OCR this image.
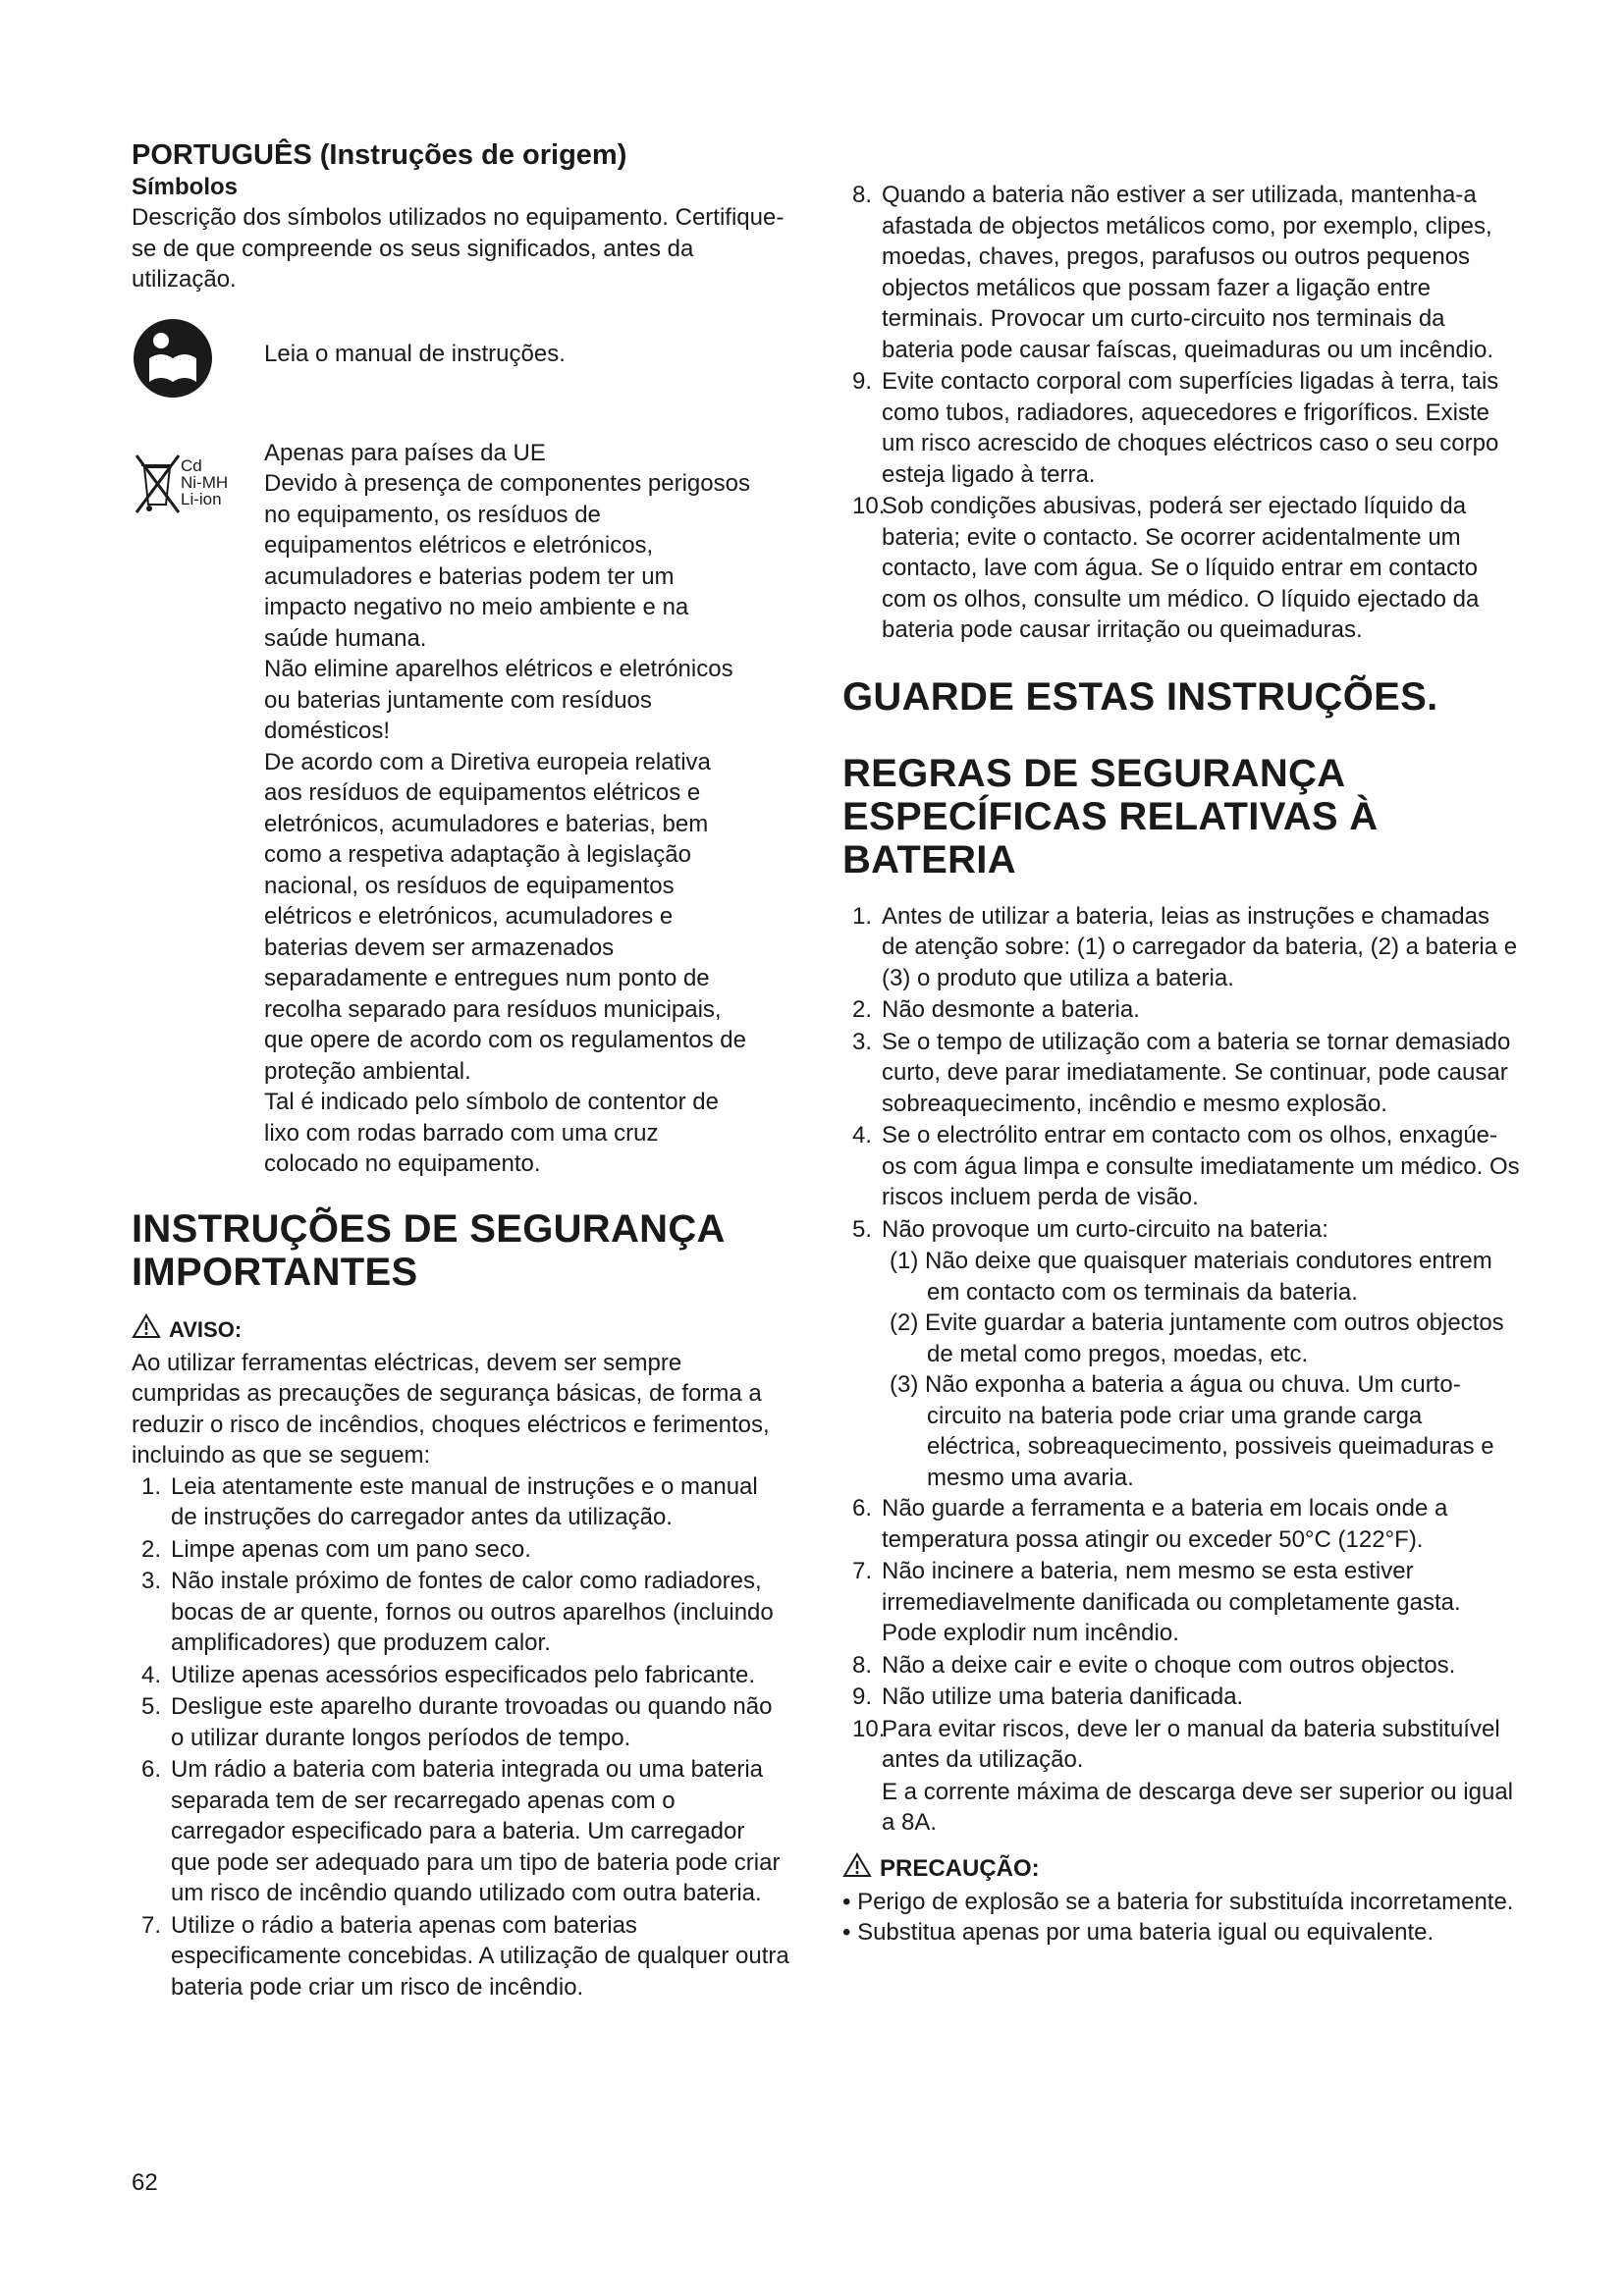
PORTUGUÊS (Instruções de origem)
Símbolos

Descrição dos símbolos utilizados no equipamento. Certifique-se de que compreende os seus significados, antes da utilização.

Leia o manual de instruções.

Cd
Ni-MH
Li-ion

Apenas para países da UE

Devido à presença de componentes perigosos no equipamento, os resíduos de equipamentos elétricos e eletrónicos, acumuladores e baterias podem ter um impacto negativo no meio ambiente e na saúde humana.

Não elimine aparelhos elétricos e eletrónicos ou baterias juntamente com resíduos domésticos!

De acordo com a Diretiva europeia relativa aos resíduos de equipamentos elétricos e eletrónicos, acumuladores e baterias, bem como a respetiva adaptação à legislação nacional, os resíduos de equipamentos elétricos e eletrónicos, acumuladores e baterias devem ser armazenados separadamente e entregues num ponto de recolha separado para resíduos municipais, que opere de acordo com os regulamentos de proteção ambiental.

Tal é indicado pelo símbolo de contentor de lixo com rodas barrado com uma cruz colocado no equipamento.

INSTRUÇÕES DE SEGURANÇA IMPORTANTES
AVISO:

Ao utilizar ferramentas eléctricas, devem ser sempre cumpridas as precauções de segurança básicas, de forma a reduzir o risco de incêndios, choques eléctricos e ferimentos, incluindo as que se seguem:

1. Leia atentamente este manual de instruções e o manual de instruções do carregador antes da utilização.
2. Limpe apenas com um pano seco.
3. Não instale próximo de fontes de calor como radiadores, bocas de ar quente, fornos ou outros aparelhos (incluindo amplificadores) que produzem calor.
4. Utilize apenas acessórios especificados pelo fabricante.
5. Desligue este aparelho durante trovoadas ou quando não o utilizar durante longos períodos de tempo.
6. Um rádio a bateria com bateria integrada ou uma bateria separada tem de ser recarregado apenas com o carregador especificado para a bateria. Um carregador que pode ser adequado para um tipo de bateria pode criar um risco de incêndio quando utilizado com outra bateria.
7. Utilize o rádio a bateria apenas com baterias especificamente concebidas. A utilização de qualquer outra bateria pode criar um risco de incêndio.
8. Quando a bateria não estiver a ser utilizada, mantenha-a afastada de objectos metálicos como, por exemplo, clipes, moedas, chaves, pregos, parafusos ou outros pequenos objectos metálicos que possam fazer a ligação entre terminais. Provocar um curto-circuito nos terminais da bateria pode causar faíscas, queimaduras ou um incêndio.
9. Evite contacto corporal com superfícies ligadas à terra, tais como tubos, radiadores, aquecedores e frigoríficos. Existe um risco acrescido de choques eléctricos caso o seu corpo esteja ligado à terra.
10.Sob condições abusivas, poderá ser ejectado líquido da bateria; evite o contacto. Se ocorrer acidentalmente um contacto, lave com água. Se o líquido entrar em contacto com os olhos, consulte um médico. O líquido ejectado da bateria pode causar irritação ou queimaduras.
GUARDE ESTAS INSTRUÇÕES.
REGRAS DE SEGURANÇA ESPECÍFICAS RELATIVAS À BATERIA
1. Antes de utilizar a bateria, leias as instruções e chamadas de atenção sobre: (1) o carregador da bateria, (2) a bateria e (3) o produto que utiliza a bateria.
2. Não desmonte a bateria.
3. Se o tempo de utilização com a bateria se tornar demasiado curto, deve parar imediatamente. Se continuar, pode causar sobreaquecimento, incêndio e mesmo explosão.
4. Se o electrólito entrar em contacto com os olhos, enxagúe-os com água limpa e consulte imediatamente um médico. Os riscos incluem perda de visão.
5. Não provoque um curto-circuito na bateria:
(1) Não deixe que quaisquer materiais condutores entrem em contacto com os terminais da bateria.
(2) Evite guardar a bateria juntamente com outros objectos de metal como pregos, moedas, etc.
(3) Não exponha a bateria a água ou chuva. Um curto-circuito na bateria pode criar uma grande carga eléctrica, sobreaquecimento, possiveis queimaduras e mesmo uma avaria.
6. Não guarde a ferramenta e a bateria em locais onde a temperatura possa atingir ou exceder 50°C (122°F).
7. Não incinere a bateria, nem mesmo se esta estiver irremediavelmente danificada ou completamente gasta. Pode explodir num incêndio.
8. Não a deixe cair e evite o choque com outros objectos.
9. Não utilize uma bateria danificada.
10.Para evitar riscos, deve ler o manual da bateria substituível antes da utilização.

E a corrente máxima de descarga deve ser superior ou igual a 8A.

PRECAUÇÃO:
• Perigo de explosão se a bateria for substituída incorretamente.
• Substitua apenas por uma bateria igual ou equivalente.
62
